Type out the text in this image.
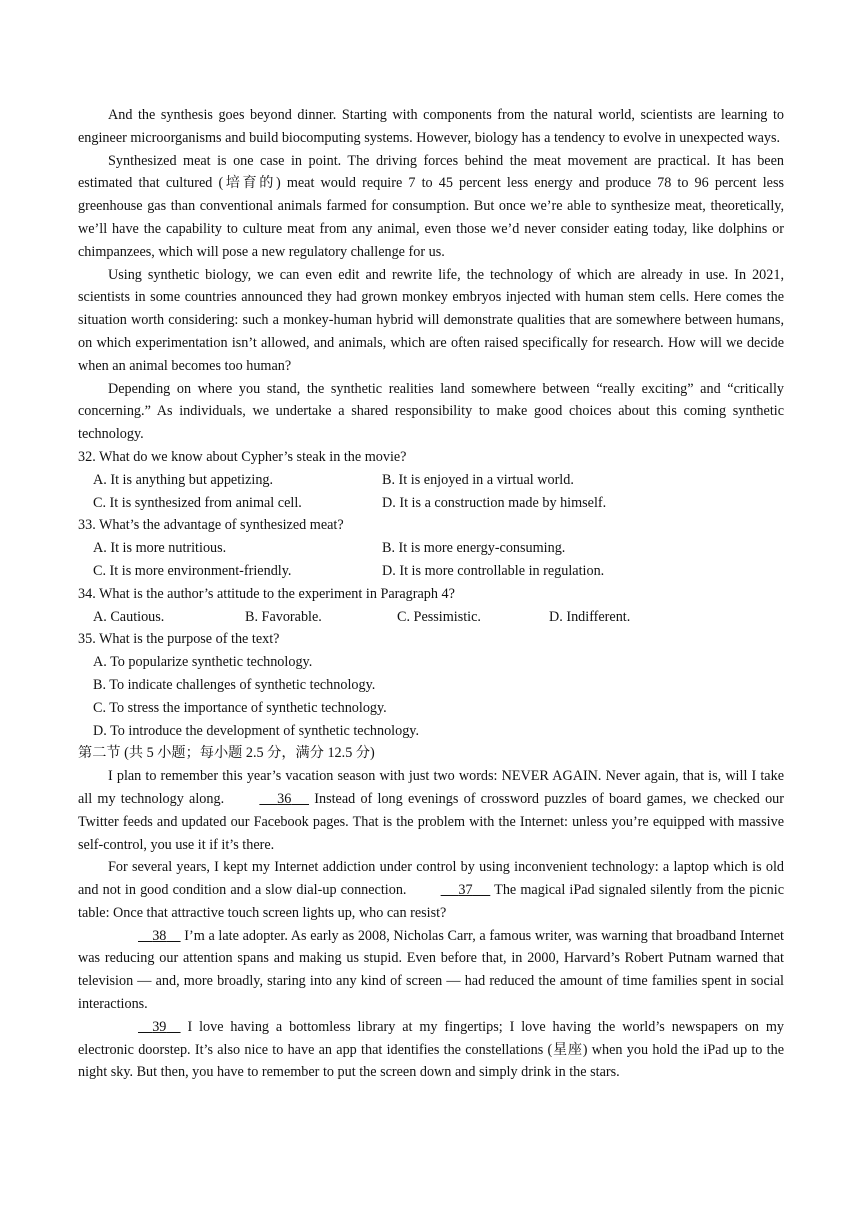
And the synthesis goes beyond dinner. Starting with components from the natural world, scientists are learning to engineer microorganisms and build biocomputing systems. However, biology has a tendency to evolve in unexpected ways.

Synthesized meat is one case in point. The driving forces behind the meat movement are practical. It has been estimated that cultured (培育的) meat would require 7 to 45 percent less energy and produce 78 to 96 percent less greenhouse gas than conventional animals farmed for consumption. But once we’re able to synthesize meat, theoretically, we’ll have the capability to culture meat from any animal, even those we’d never consider eating today, like dolphins or chimpanzees, which will pose a new regulatory challenge for us.

Using synthetic biology, we can even edit and rewrite life, the technology of which are already in use. In 2021, scientists in some countries announced they had grown monkey embryos injected with human stem cells. Here comes the situation worth considering: such a monkey-human hybrid will demonstrate qualities that are somewhere between humans, on which experimentation isn’t allowed, and animals, which are often raised specifically for research. How will we decide when an animal becomes too human?

Depending on where you stand, the synthetic realities land somewhere between “really exciting” and “critically concerning.” As individuals, we undertake a shared responsibility to make good choices about this coming synthetic technology.

32. What do we know about Cypher’s steak in the movie?
A. It is anything but appetizing.	B. It is enjoyed in a virtual world.
C. It is synthesized from animal cell.	D. It is a construction made by himself.
33. What’s the advantage of synthesized meat?
A. It is more nutritious.	B. It is more energy-consuming.
C. It is more environment-friendly.	D. It is more controllable in regulation.
34. What is the author’s attitude to the experiment in Paragraph 4?
A. Cautious.	B. Favorable.	C. Pessimistic.	D. Indifferent.
35. What is the purpose of the text?
A. To popularize synthetic technology.
B. To indicate challenges of synthetic technology.
C. To stress the importance of synthetic technology.
D. To introduce the development of synthetic technology.
第二节 (共 5 小题；每小题 2.5 分，满分 12.5 分)

I plan to remember this year’s vacation season with just two words: NEVER AGAIN. Never again, that is, will I take all my technology along.	36 Instead of long evenings of crossword puzzles of board games, we checked our Twitter feeds and updated our Facebook pages. That is the problem with the Internet: unless you’re equipped with massive self-control, you use it if it’s there.

For several years, I kept my Internet addiction under control by using inconvenient technology: a laptop which is old and not in good condition and a slow dial-up connection.	37 The magical iPad signaled silently from the picnic table: Once that attractive touch screen lights up, who can resist?

38 I’m a late adopter. As early as 2008, Nicholas Carr, a famous writer, was warning that broadband Internet was reducing our attention spans and making us stupid. Even before that, in 2000, Harvard’s Robert Putnam warned that television — and, more broadly, staring into any kind of screen — had reduced the amount of time families spent in social interactions.

39 I love having a bottomless library at my fingertips; I love having the world’s newspapers on my electronic doorstep. It’s also nice to have an app that identifies the constellations (星座) when you hold the iPad up to the night sky. But then, you have to remember to put the screen down and simply drink in the stars.
